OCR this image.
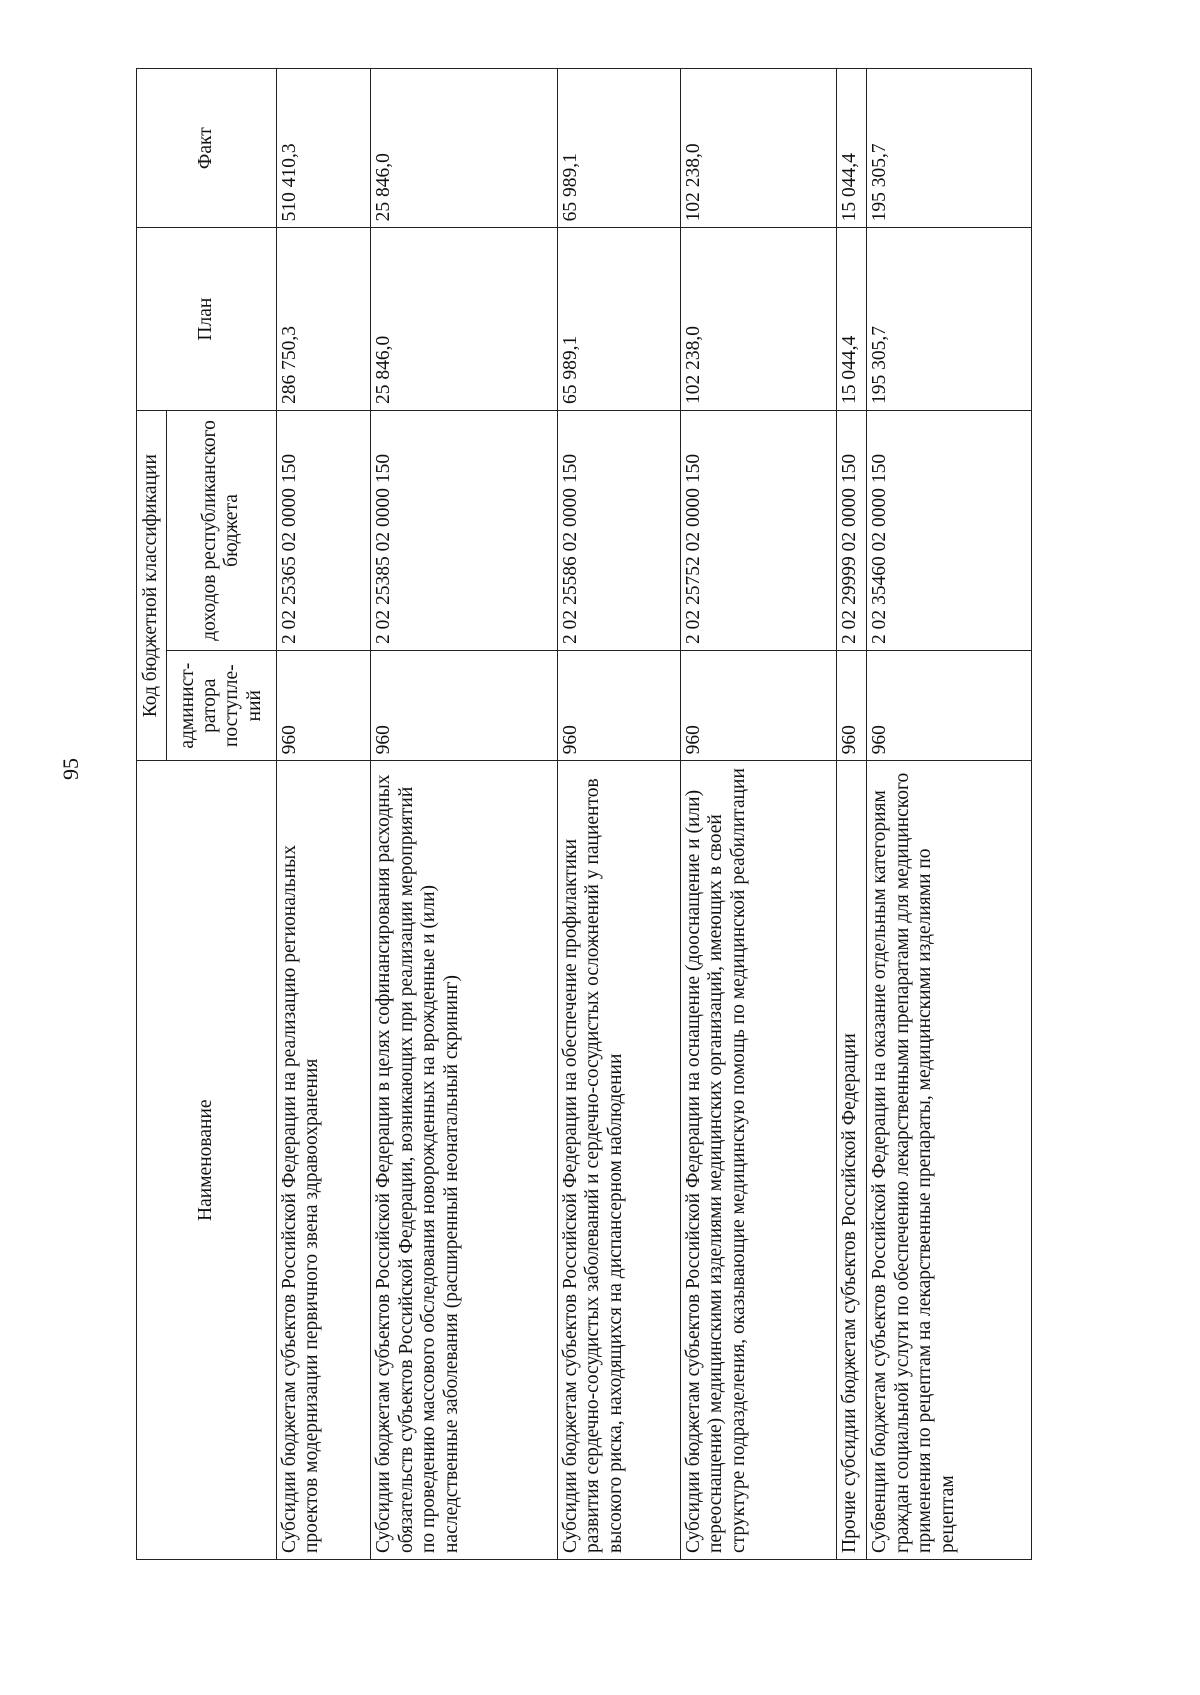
95
Наименование	Код бюджетной классификации		План	Факт
	админист-ратора поступле-ний	доходов республиканского бюджета		
Субсидии бюджетам субъектов Российской Федерации на реализацию региональных проектов модернизации первичного звена здравоохранения	960	2 02 25365 02 0000 150	286 750,3	510 410,3
Субсидии бюджетам субъектов Российской Федерации в целях софинансирования расходных обязательств субъектов Российской Федерации, возникающих при реализации мероприятий по проведению массового обследования новорожденных на врожденные и (или) наследственные заболевания (расширенный неонатальный скрининг)	960	2 02 25385 02 0000 150	25 846,0	25 846,0
Субсидии бюджетам субъектов Российской Федерации на обеспечение профилактики развития сердечно-сосудистых заболеваний и сердечно-сосудистых осложнений у пациентов высокого риска, находящихся на диспансерном наблюдении	960	2 02 25586 02 0000 150	65 989,1	65 989,1
Субсидии бюджетам субъектов Российской Федерации на оснащение (дооснащение и (или) переоснащение) медицинскими изделиями медицинских организаций, имеющих в своей структуре подразделения, оказывающие медицинскую помощь по медицинской реабилитации	960	2 02 25752 02 0000 150	102 238,0	102 238,0
Прочие субсидии бюджетам субъектов Российской Федерации	960	2 02 29999 02 0000 150	15 044,4	15 044,4
Субвенции бюджетам субъектов Российской Федерации на оказание отдельным категориям граждан социальной услуги по обеспечению лекарственными препаратами для медицинского применения по рецептам на лекарственные препараты, медицинскими изделиями по рецептам	960	2 02 35460 02 0000 150	195 305,7	195 305,7
